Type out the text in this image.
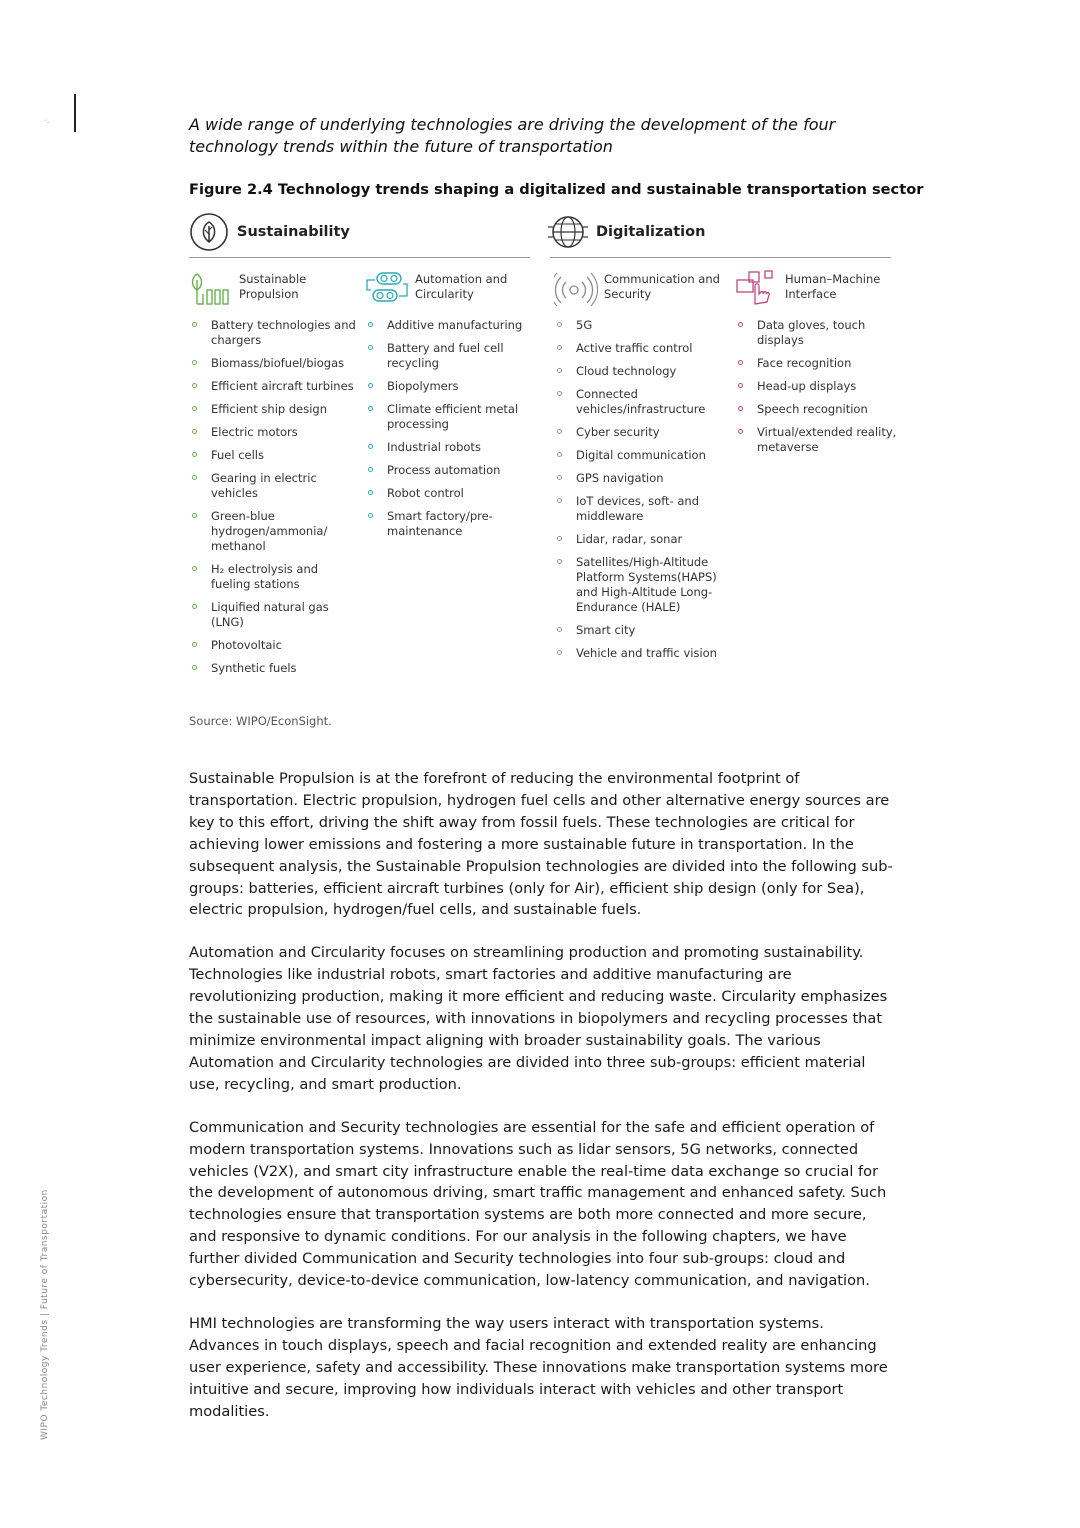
·:.
WIPO Technology Trends | Future of Transportation
A wide range of underlying technologies are driving the development of the four technology trends within the future of transportation
Figure 2.4 Technology trends shaping a digitalized and sustainable transportation sector
Sustainability	Digitalization
Sustainable Propulsion
Battery technologies and chargers
Biomass/biofuel/biogas
Efficient aircraft turbines
Efficient ship design
Electric motors
Fuel cells
Gearing in electric vehicles
Green-blue hydrogen/ammonia/ methanol
H₂ electrolysis and fueling stations
Liquified natural gas (LNG)
Photovoltaic
Synthetic fuels
Automation and Circularity
Additive manufacturing
Battery and fuel cell recycling
Biopolymers
Climate efficient metal processing
Industrial robots
Process automation
Robot control
Smart factory/pre-maintenance
Communication and Security
5G
Active traffic control
Cloud technology
Connected vehicles/infrastructure
Cyber security
Digital communication
GPS navigation
IoT devices, soft- and middleware
Lidar, radar, sonar
Satellites/High-Altitude Platform Systems(HAPS) and High-Altitude Long-Endurance (HALE)
Smart city
Vehicle and traffic vision
Human–Machine Interface
Data gloves, touch displays
Face recognition
Head-up displays
Speech recognition
Virtual/extended reality, metaverse
Source: WIPO/EconSight.

Sustainable Propulsion is at the forefront of reducing the environmental footprint of transportation. Electric propulsion, hydrogen fuel cells and other alternative energy sources are key to this effort, driving the shift away from fossil fuels. These technologies are critical for achieving lower emissions and fostering a more sustainable future in transportation. In the subsequent analysis, the Sustainable Propulsion technologies are divided into the following sub-groups: batteries, efficient aircraft turbines (only for Air), efficient ship design (only for Sea), electric propulsion, hydrogen/fuel cells, and sustainable fuels.

Automation and Circularity focuses on streamlining production and promoting sustainability. Technologies like industrial robots, smart factories and additive manufacturing are revolutionizing production, making it more efficient and reducing waste. Circularity emphasizes the sustainable use of resources, with innovations in biopolymers and recycling processes that minimize environmental impact aligning with broader sustainability goals. The various Automation and Circularity technologies are divided into three sub-groups: efficient material use, recycling, and smart production.

Communication and Security technologies are essential for the safe and efficient operation of modern transportation systems. Innovations such as lidar sensors, 5G networks, connected vehicles (V2X), and smart city infrastructure enable the real-time data exchange so crucial for the development of autonomous driving, smart traffic management and enhanced safety. Such technologies ensure that transportation systems are both more connected and more secure, and responsive to dynamic conditions. For our analysis in the following chapters, we have further divided Communication and Security technologies into four sub-groups: cloud and cybersecurity, device-to-device communication, low-latency communication, and navigation.

HMI technologies are transforming the way users interact with transportation systems. Advances in touch displays, speech and facial recognition and extended reality are enhancing user experience, safety and accessibility. These innovations make transportation systems more intuitive and secure, improving how individuals interact with vehicles and other transport modalities.
